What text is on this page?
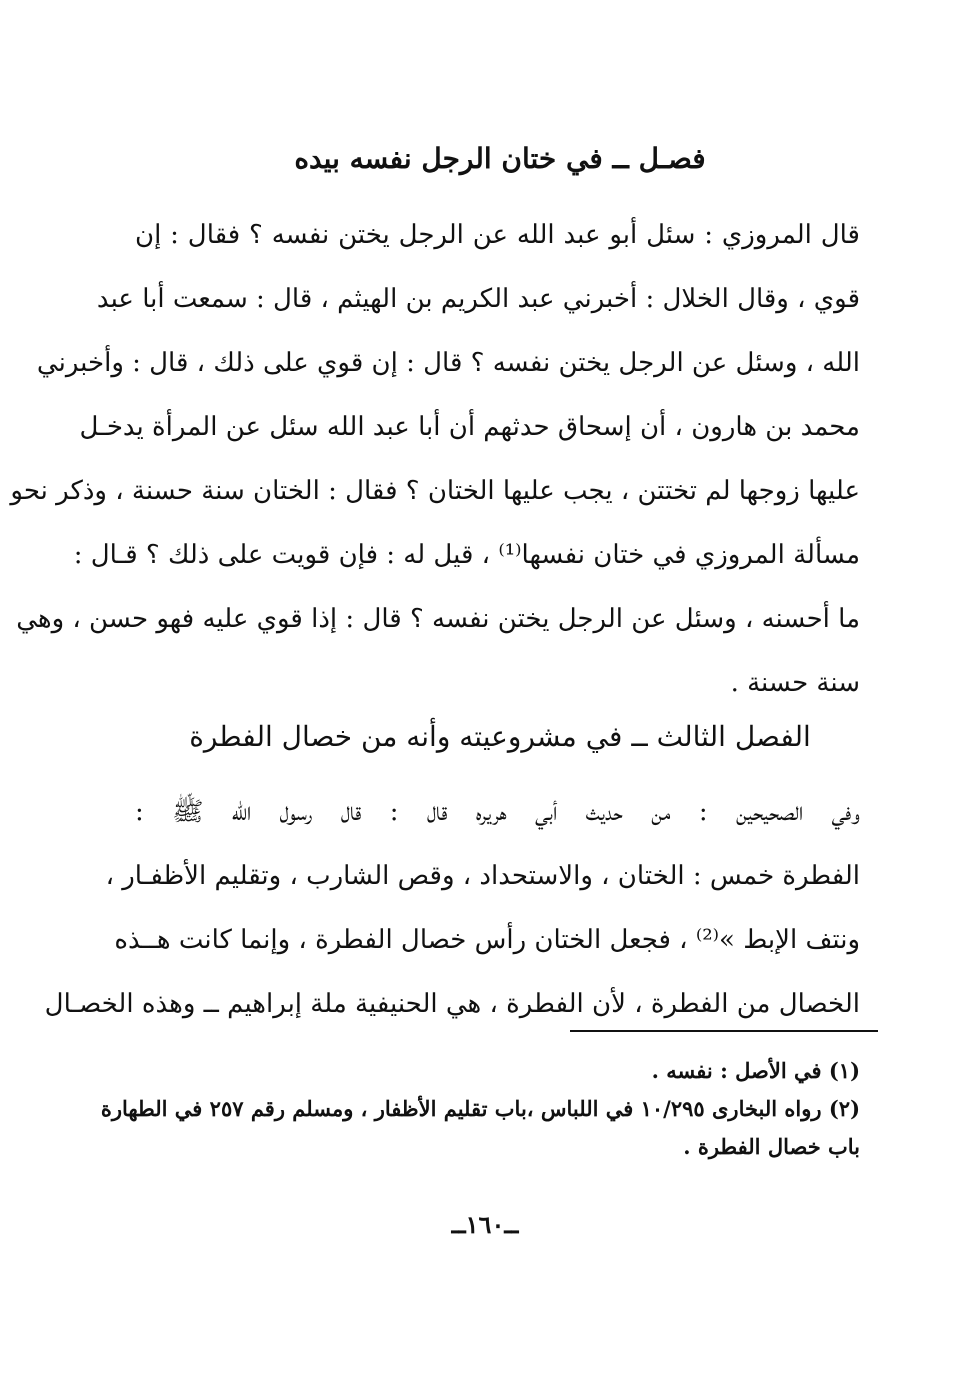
فصـل ــ في ختان الرجل نفسه بيده
قال المروزي : سئل أبو عبد الله عن الرجل يختن نفسه ؟ فقال : إن
قوي ، وقال الخلال : أخبرني عبد الكريم بن الهيثم ، قال : سمعت أبا عبد
الله ، وسئل عن الرجل يختن نفسه ؟ قال : إن قوي على ذلك ، قال : وأخبرني
محمد بن هارون ، أن إسحاق حدثهم أن أبا عبد الله سئل عن المرأة يدخـل
عليها زوجها لم تختتن ، يجب عليها الختان ؟ فقال : الختان سنة حسنة ، وذكر نحو
مسألة المروزي في ختان نفسها⁽¹⁾ ، قيل له : فإن قويت على ذلك ؟ قـال :
ما أحسنه ، وسئل عن الرجل يختن نفسه ؟ قال : إذا قوي عليه فهو حسن ، وهي
سنة حسنة .
الفصل الثالث ــ في مشروعيته وأنه من خصال الفطرة
وفي الصحيحين : من حديث أبي هريره قال : قال رسول الله ﷺ :
الفطرة خمس : الختان ، والاستحداد ، وقص الشارب ، وتقليم الأظفـار ،
ونتف الإبط »⁽²⁾ ، فجعل الختان رأس خصال الفطرة ، وإنما كانت هــذه
الخصال من الفطرة ، لأن الفطرة ، هي الحنيفية ملة إبراهيم ــ وهذه الخصـال
(١) في الأصل : نفسه .
(٢) رواه البخارى ١٠/٢٩٥ في اللباس ،باب تقليم الأظفار ، ومسلم رقم ٢٥٧ في الطهارة
باب خصال الفطرة .
ــ١٦٠ــ
